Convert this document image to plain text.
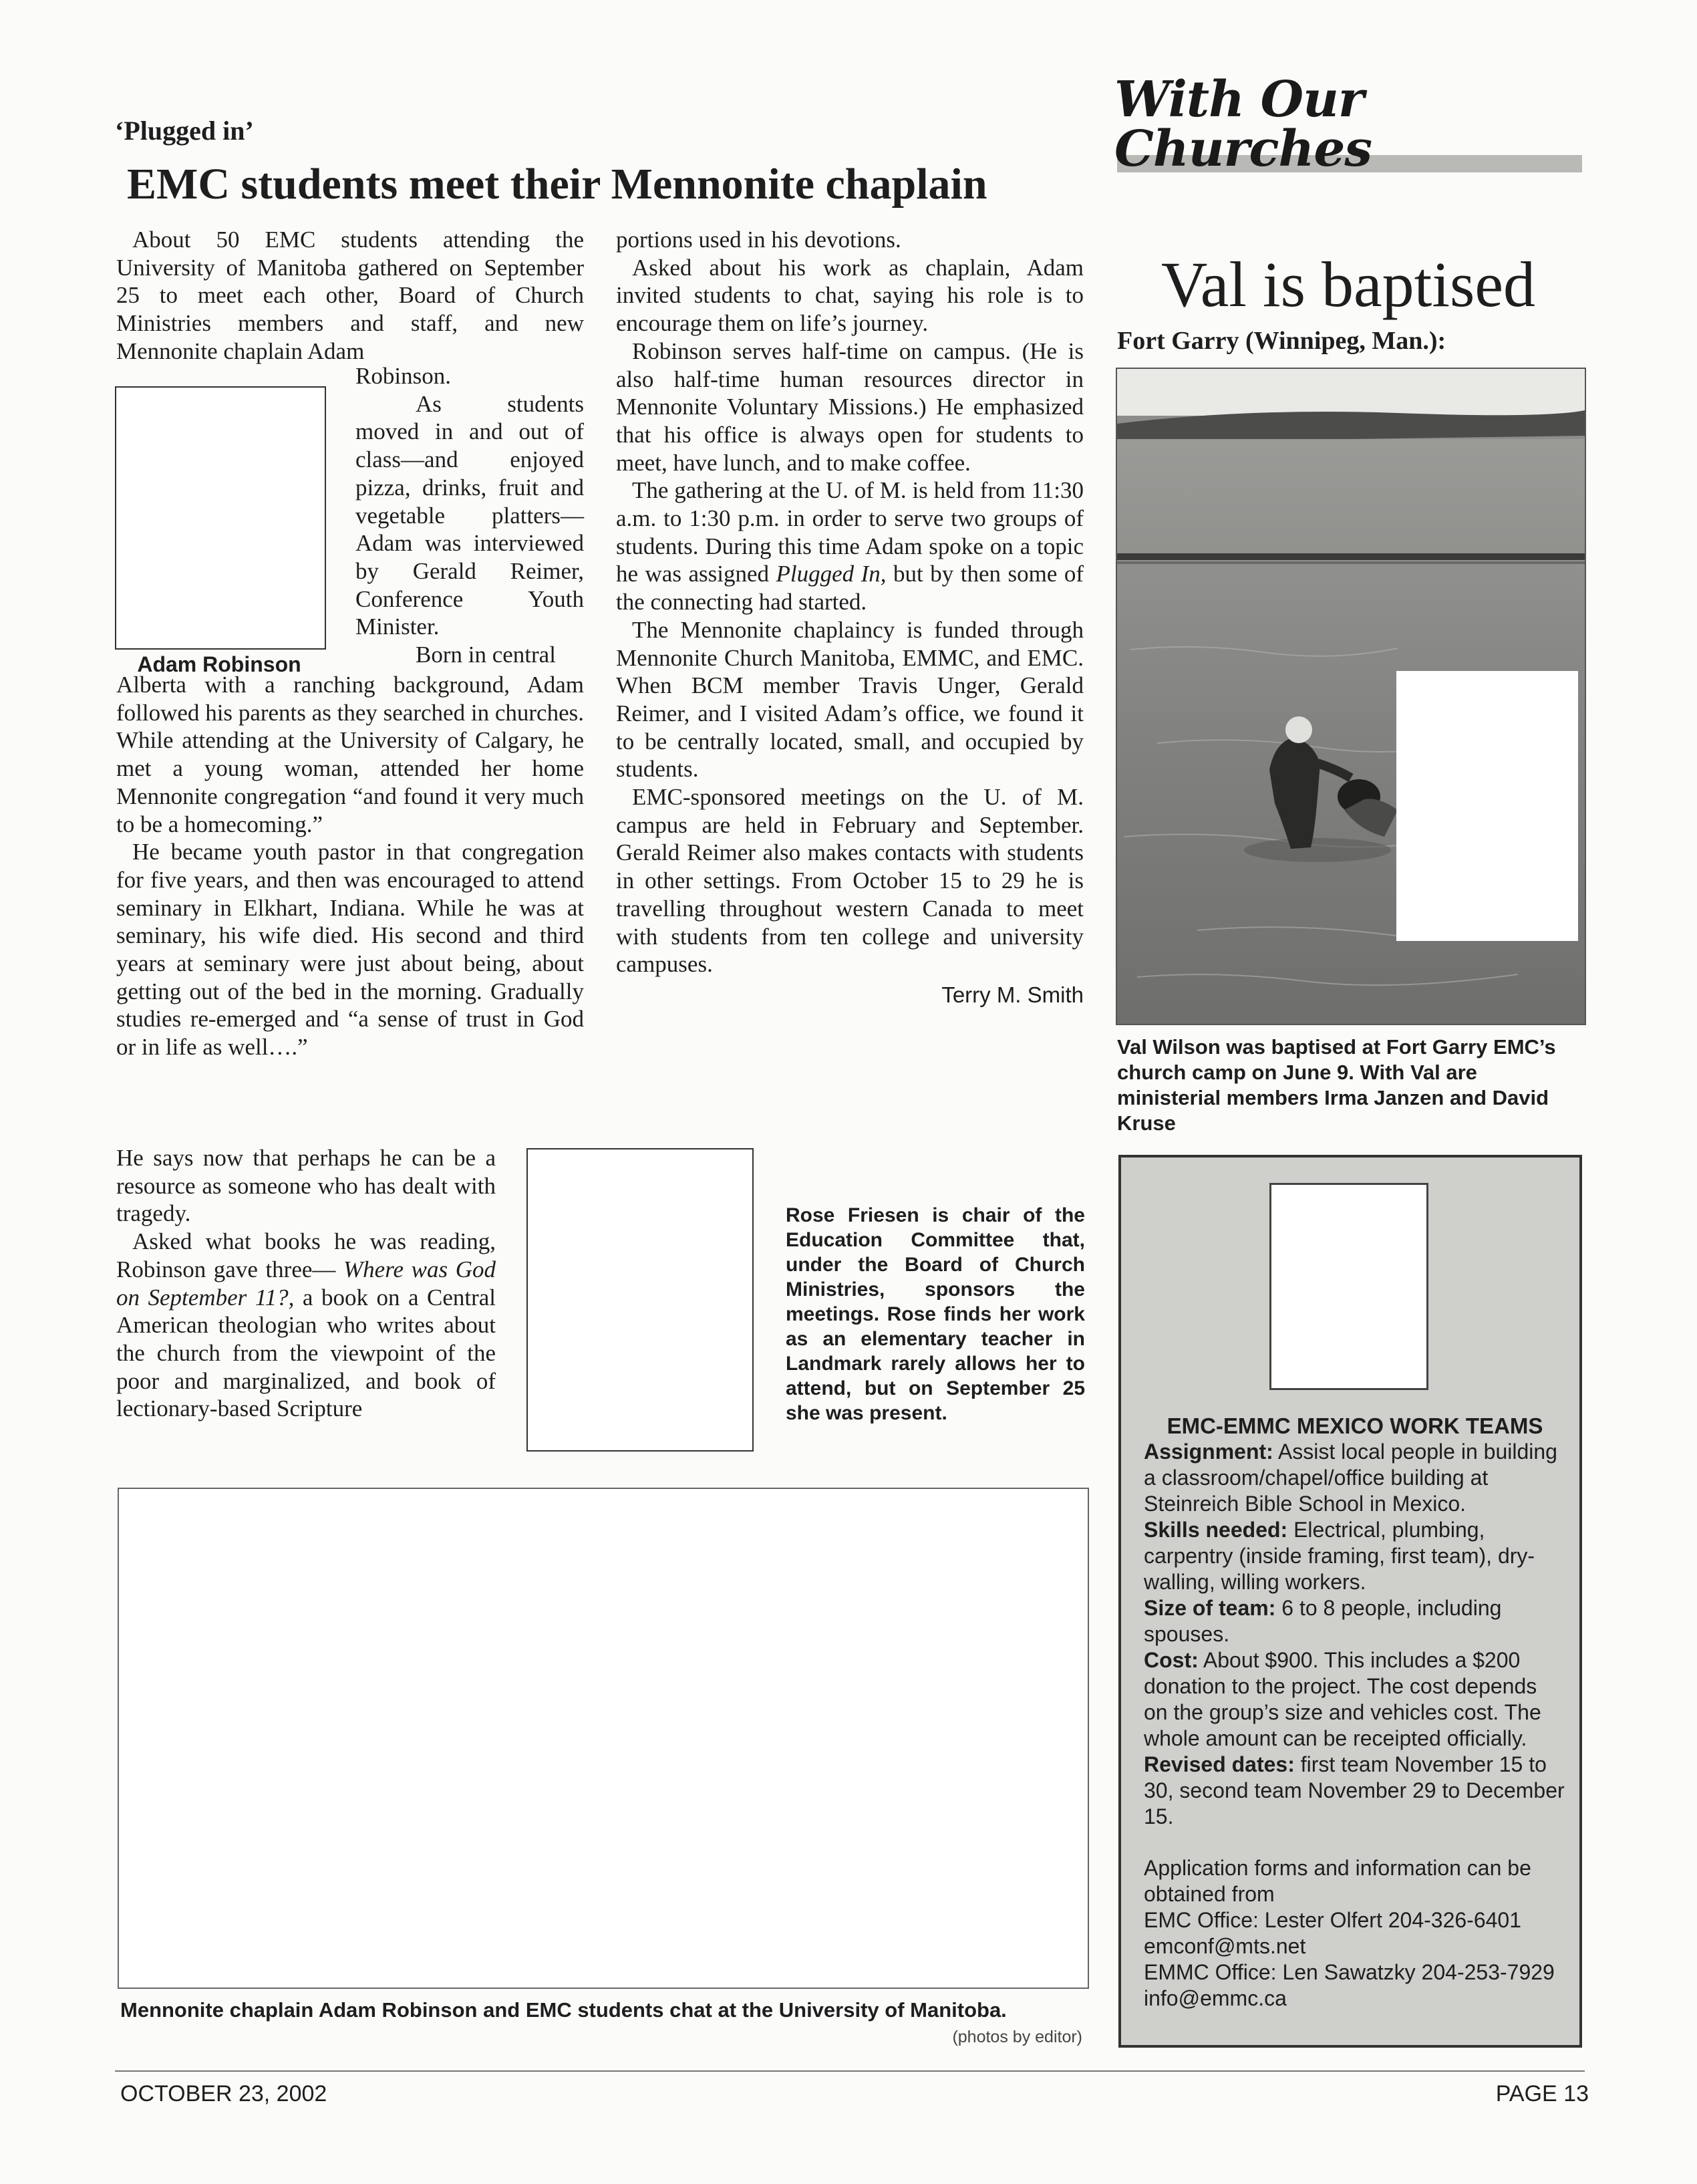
‘Plugged in’
EMC students meet their Mennonite chaplain

About 50 EMC students attending the University of Manitoba gathered on September 25 to meet each other, Board of Church Ministries members and staff, and new Mennonite chaplain Adam

Robinson.

As students moved in and out of class—and enjoyed pizza, drinks, fruit and vegetable platters—Adam was interviewed by Gerald Reimer, Conference Youth Minister.

Born in central

Adam Robinson

Alberta with a ranching background, Adam followed his parents as they searched in churches. While attending at the University of Calgary, he met a young woman, attended her home Mennonite congregation “and found it very much to be a homecoming.”

He became youth pastor in that congregation for five years, and then was encouraged to attend seminary in Elkhart, Indiana. While he was at seminary, his wife died. His second and third years at seminary were just about being, about getting out of the bed in the morning. Gradually studies re-emerged and “a sense of trust in God or in life as well….”

He says now that perhaps he can be a resource as someone who has dealt with tragedy.

Asked what books he was reading, Robinson gave three— Where was God on September 11?, a book on a Central American theologian who writes about the church from the viewpoint of the poor and marginalized, and book of lectionary-based Scripture

portions used in his devotions.

Asked about his work as chaplain, Adam invited students to chat, saying his role is to encourage them on life’s journey.

Robinson serves half-time on campus. (He is also half-time human resources director in Mennonite Voluntary Missions.) He emphasized that his office is always open for students to meet, have lunch, and to make coffee.

The gathering at the U. of M. is held from 11:30 a.m. to 1:30 p.m. in order to serve two groups of students. During this time Adam spoke on a topic he was assigned Plugged In, but by then some of the connecting had started.

The Mennonite chaplaincy is funded through Mennonite Church Manitoba, EMMC, and EMC. When BCM member Travis Unger, Gerald Reimer, and I visited Adam’s office, we found it to be centrally located, small, and occupied by students.

EMC-sponsored meetings on the U. of M. campus are held in February and September. Gerald Reimer also makes contacts with students in other settings. From October 15 to 29 he is travelling throughout western Canada to meet with students from ten college and university campuses.

Terry M. Smith
Rose Friesen is chair of the Education Committee that, under the Board of Church Ministries, sponsors the meetings. Rose finds her work as an elementary teacher in Landmark rarely allows her to attend, but on September 25 she was present.
Mennonite chaplain Adam Robinson and EMC students chat at the University of Manitoba.
(photos by editor)
With Our Churches
Val is baptised
Fort Garry (Winnipeg, Man.):
Val Wilson was baptised at Fort Garry EMC’s church camp on June 9. With Val are ministerial members Irma Janzen and David Kruse

EMC-EMMC MEXICO WORK TEAMS

Assignment: Assist local people in building a classroom/chapel/office building at Steinreich Bible School in Mexico.

Skills needed: Electrical, plumbing, carpentry (inside framing, first team), dry-walling, willing workers.

Size of team: 6 to 8 people, including spouses.

Cost: About $900. This includes a $200 donation to the project. The cost depends on the group’s size and vehicles cost. The whole amount can be receipted officially.

Revised dates: first team November 15 to 30, second team November 29 to December 15.

Application forms and information can be obtained from

EMC Office: Lester Olfert 204-326-6401

emconf@mts.net

EMMC Office: Len Sawatzky 204-253-7929 info@emmc.ca

OCTOBER 23, 2002	PAGE 13
